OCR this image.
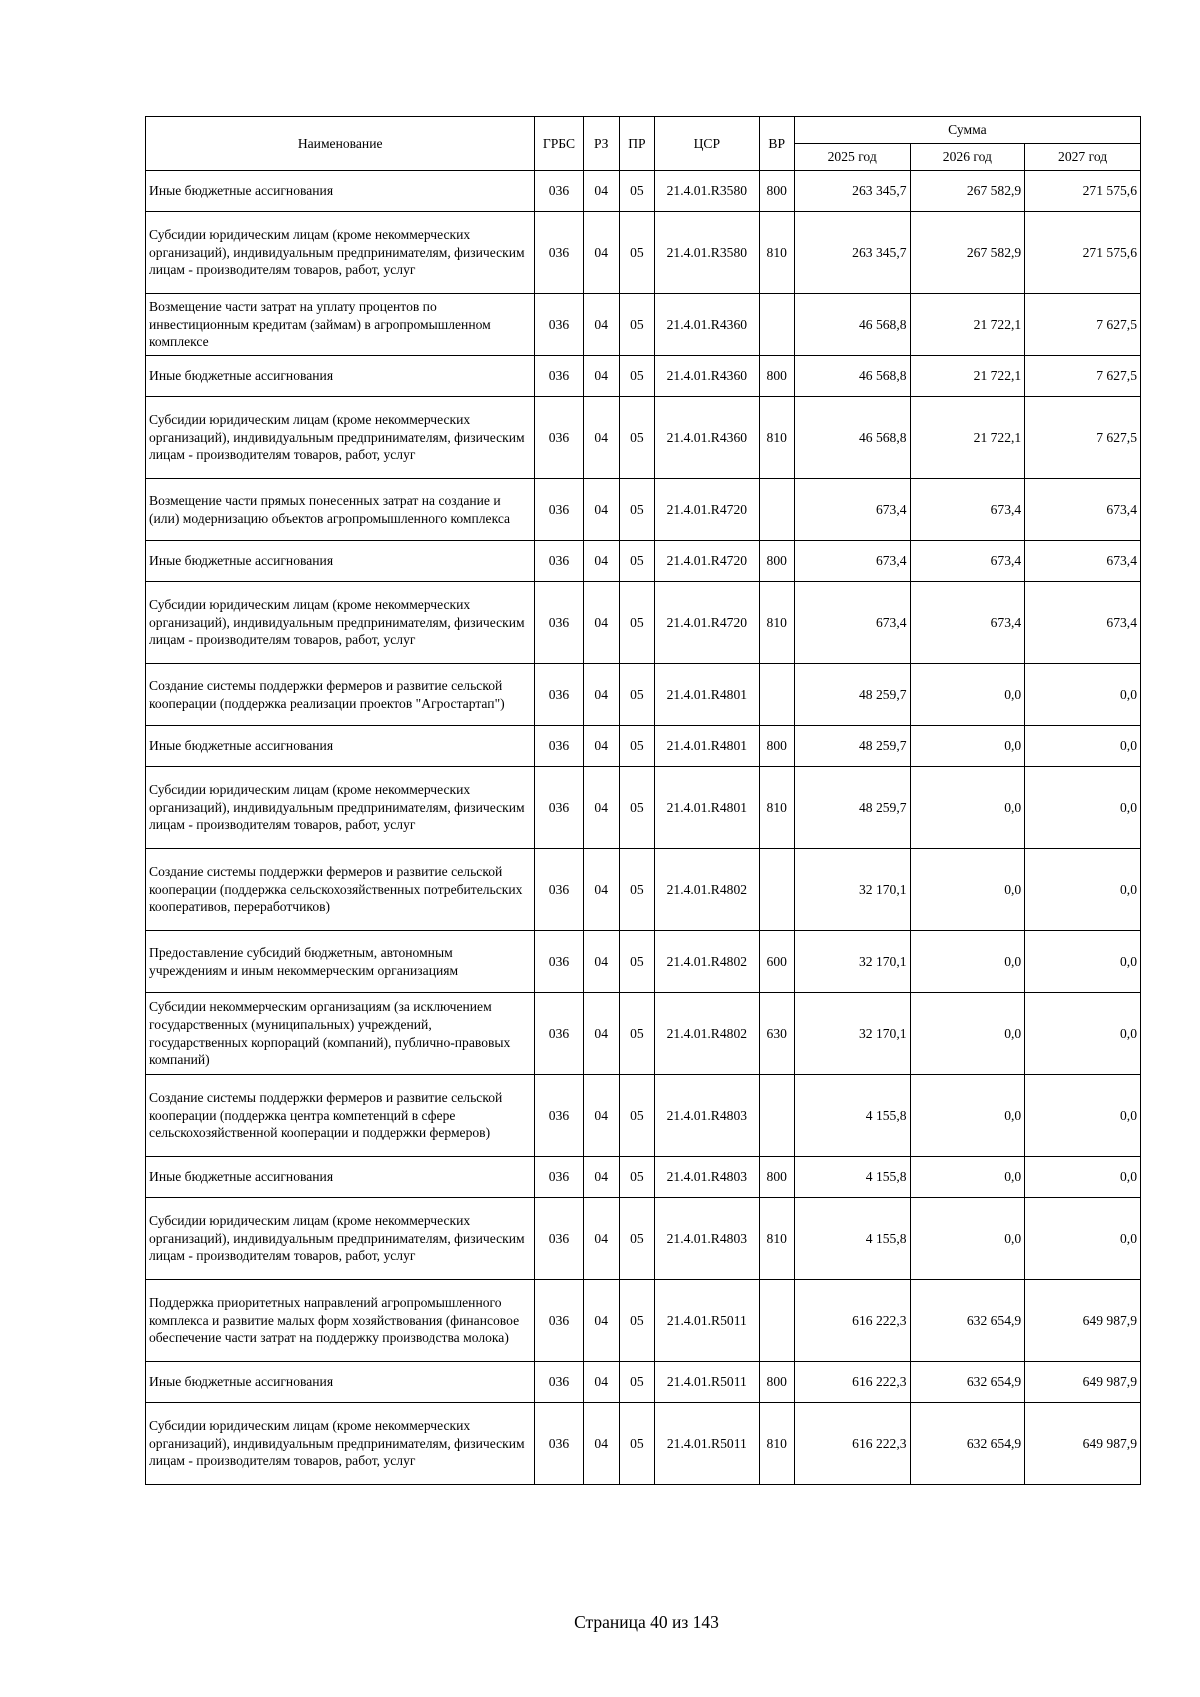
Наименование	ГРБС	РЗ	ПР	ЦСР	ВР	Сумма		
						2025 год	2026 год	2027 год
Иные бюджетные ассигнования	036	04	05	21.4.01.R3580	800	263 345,7	267 582,9	271 575,6
Субсидии юридическим лицам (кроме некоммерческих организаций), индивидуальным предпринимателям, физическим лицам - производителям товаров, работ, услуг	036	04	05	21.4.01.R3580	810	263 345,7	267 582,9	271 575,6
Возмещение части затрат на уплату процентов по инвестиционным кредитам (займам) в агропромышленном комплексе	036	04	05	21.4.01.R4360		46 568,8	21 722,1	7 627,5
Иные бюджетные ассигнования	036	04	05	21.4.01.R4360	800	46 568,8	21 722,1	7 627,5
Субсидии юридическим лицам (кроме некоммерческих организаций), индивидуальным предпринимателям, физическим лицам - производителям товаров, работ, услуг	036	04	05	21.4.01.R4360	810	46 568,8	21 722,1	7 627,5
Возмещение части прямых понесенных затрат на создание и (или) модернизацию объектов агропромышленного комплекса	036	04	05	21.4.01.R4720		673,4	673,4	673,4
Иные бюджетные ассигнования	036	04	05	21.4.01.R4720	800	673,4	673,4	673,4
Субсидии юридическим лицам (кроме некоммерческих организаций), индивидуальным предпринимателям, физическим лицам - производителям товаров, работ, услуг	036	04	05	21.4.01.R4720	810	673,4	673,4	673,4
Создание системы поддержки фермеров и развитие сельской кооперации (поддержка реализации проектов "Агростартап")	036	04	05	21.4.01.R4801		48 259,7	0,0	0,0
Иные бюджетные ассигнования	036	04	05	21.4.01.R4801	800	48 259,7	0,0	0,0
Субсидии юридическим лицам (кроме некоммерческих организаций), индивидуальным предпринимателям, физическим лицам - производителям товаров, работ, услуг	036	04	05	21.4.01.R4801	810	48 259,7	0,0	0,0
Создание системы поддержки фермеров и развитие сельской кооперации (поддержка сельскохозяйственных потребительских кооперативов, переработчиков)	036	04	05	21.4.01.R4802		32 170,1	0,0	0,0
Предоставление субсидий бюджетным, автономным учреждениям и иным некоммерческим организациям	036	04	05	21.4.01.R4802	600	32 170,1	0,0	0,0
Субсидии некоммерческим организациям (за исключением государственных (муниципальных) учреждений, государственных корпораций (компаний), публично-правовых компаний)	036	04	05	21.4.01.R4802	630	32 170,1	0,0	0,0
Создание системы поддержки фермеров и развитие сельской кооперации (поддержка центра компетенций в сфере сельскохозяйственной кооперации и поддержки фермеров)	036	04	05	21.4.01.R4803		4 155,8	0,0	0,0
Иные бюджетные ассигнования	036	04	05	21.4.01.R4803	800	4 155,8	0,0	0,0
Субсидии юридическим лицам (кроме некоммерческих организаций), индивидуальным предпринимателям, физическим лицам - производителям товаров, работ, услуг	036	04	05	21.4.01.R4803	810	4 155,8	0,0	0,0
Поддержка приоритетных направлений агропромышленного комплекса и развитие малых форм хозяйствования (финансовое обеспечение части затрат на поддержку производства молока)	036	04	05	21.4.01.R5011		616 222,3	632 654,9	649 987,9
Иные бюджетные ассигнования	036	04	05	21.4.01.R5011	800	616 222,3	632 654,9	649 987,9
Субсидии юридическим лицам (кроме некоммерческих организаций), индивидуальным предпринимателям, физическим лицам - производителям товаров, работ, услуг	036	04	05	21.4.01.R5011	810	616 222,3	632 654,9	649 987,9
Страница 40 из 143
